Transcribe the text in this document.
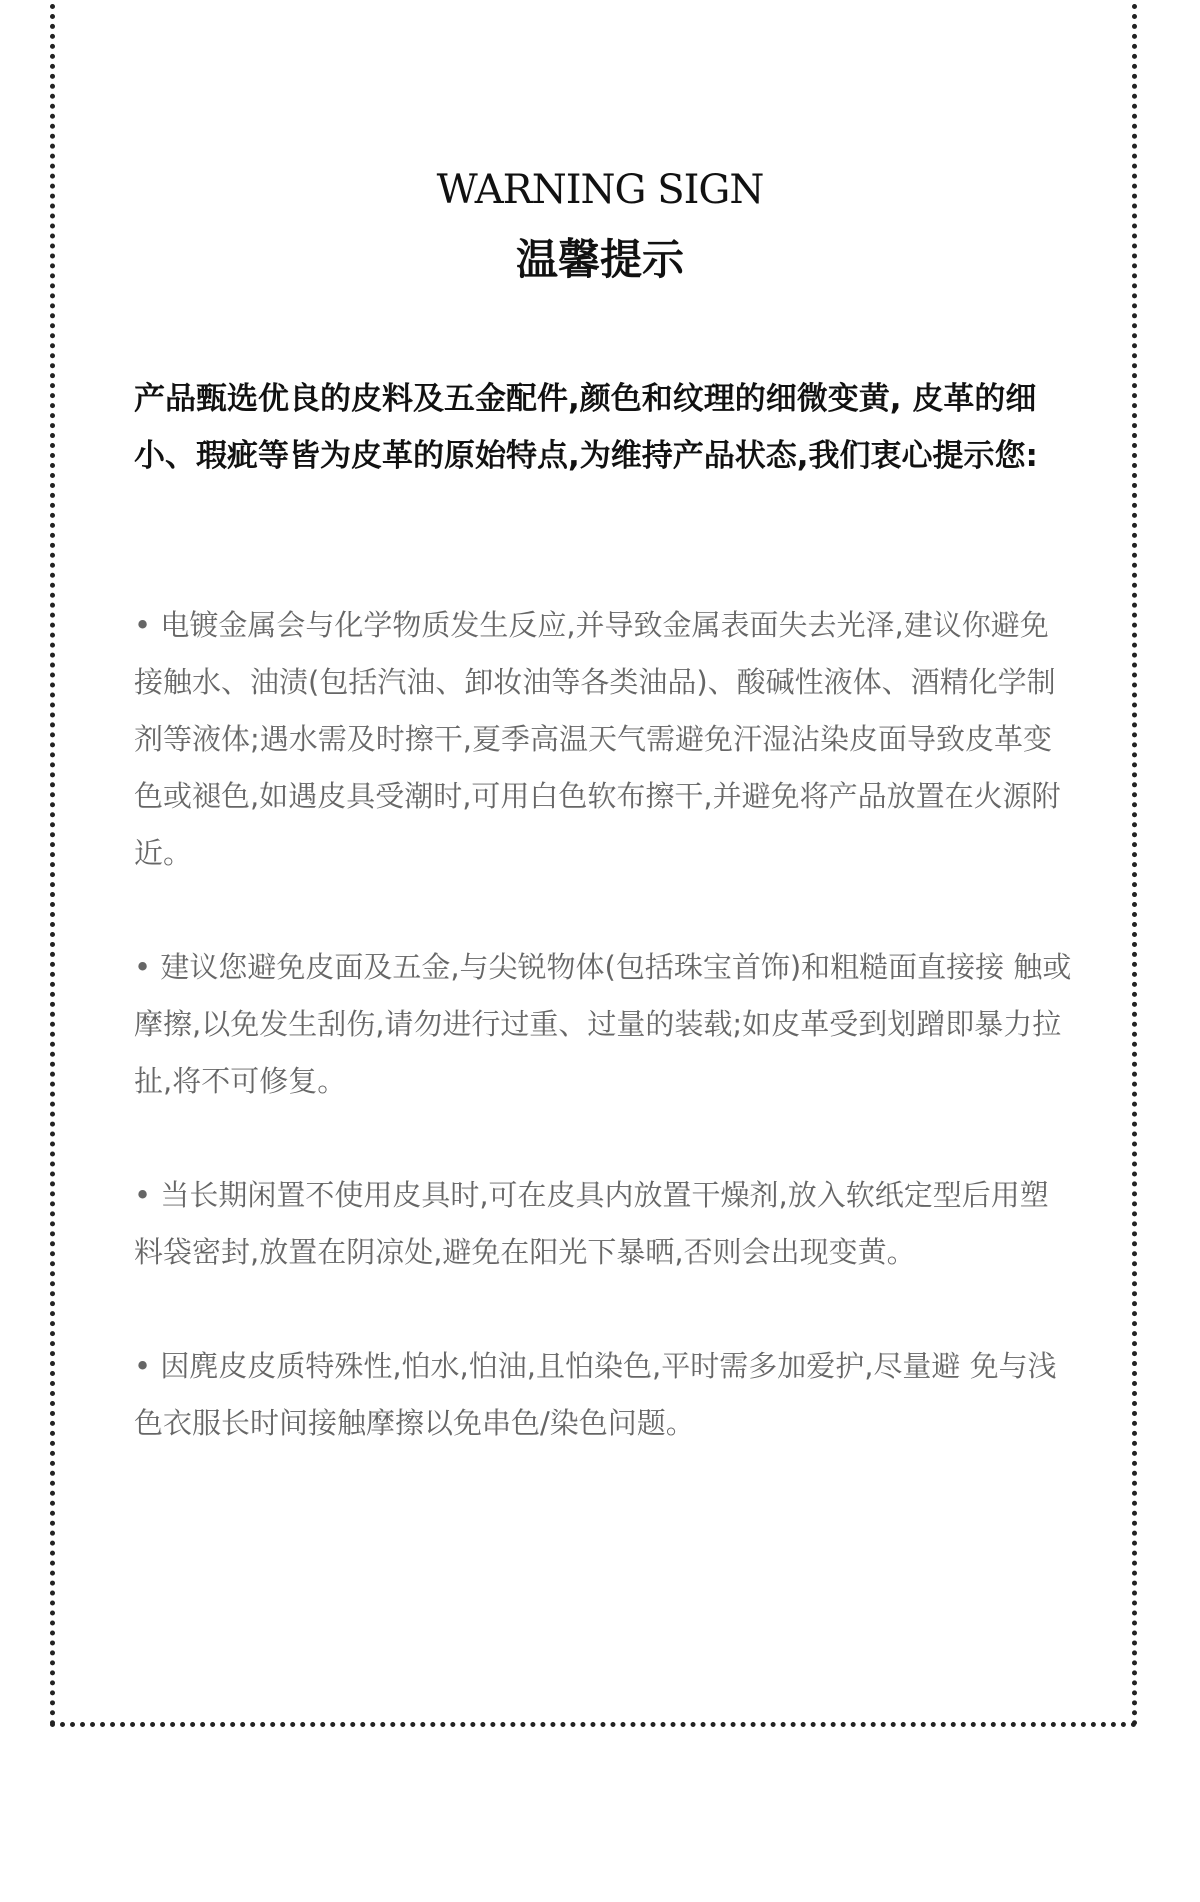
WARNING SIGN
温馨提示

产品甄选优良的皮料及五金配件,颜色和纹理的细微变黄, 皮革的细小、瑕疵等皆为皮革的原始特点,为维持产品状态,我们衷心提示您:

• 电镀金属会与化学物质发生反应,并导致金属表面失去光泽,建议你避免接触水、油渍(包括汽油、卸妆油等各类油品)、酸碱性液体、酒精化学制剂等液体;遇水需及时擦干,夏季高温天气需避免汗湿沾染皮面导致皮革变色或褪色,如遇皮具受潮时,可用白色软布擦干,并避免将产品放置在火源附近。

• 建议您避免皮面及五金,与尖锐物体(包括珠宝首饰)和粗糙面直接接 触或摩擦,以免发生刮伤,请勿进行过重、过量的装载;如皮革受到划蹭即暴力拉扯,将不可修复。

• 当长期闲置不使用皮具时,可在皮具内放置干燥剂,放入软纸定型后用塑料袋密封,放置在阴凉处,避免在阳光下暴晒,否则会出现变黄。

• 因麂皮皮质特殊性,怕水,怕油,且怕染色,平时需多加爱护,尽量避 免与浅色衣服长时间接触摩擦以免串色/染色问题。
